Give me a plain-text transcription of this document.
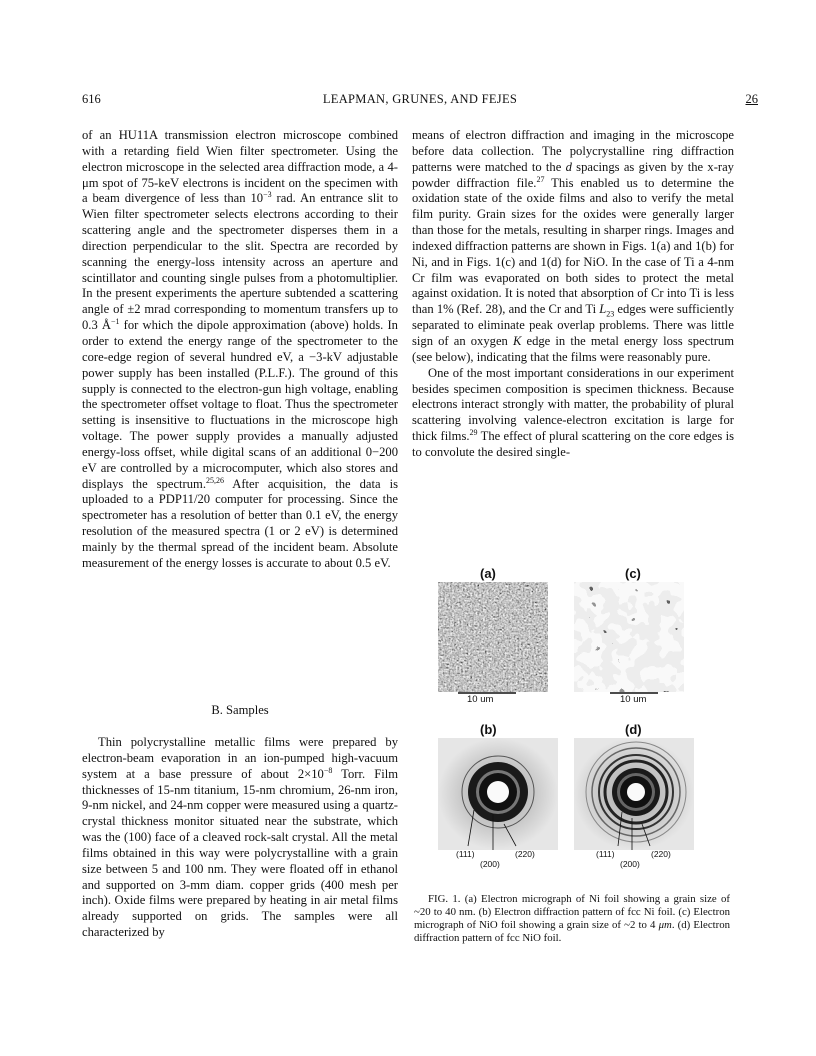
616	LEAPMAN, GRUNES, AND FEJES	26

of an HU11A transmission electron microscope combined with a retarding field Wien filter spectrometer. Using the electron microscope in the selected area diffraction mode, a 4-μm spot of 75-keV electrons is incident on the specimen with a beam divergence of less than $10^{-3}$ rad. An entrance slit to Wien filter spectrometer selects electrons according to their scattering angle and the spectrometer disperses them in a direction perpendicular to the slit. Spectra are recorded by scanning the energy-loss intensity across an aperture and scintillator and counting single pulses from a photomultiplier. In the present experiments the aperture subtended a scattering angle of ±2 mrad corresponding to momentum transfers up to 0.3 $Å^{-1}$ for which the dipole approximation (above) holds. In order to extend the energy range of the spectrometer to the core-edge region of several hundred eV, a −3-kV adjustable power supply has been installed (P.L.F.). The ground of this supply is connected to the electron-gun high voltage, enabling the spectrometer offset voltage to float. Thus the spectrometer setting is insensitive to fluctuations in the microscope high voltage. The power supply provides a manually adjusted energy-loss offset, while digital scans of an additional 0−200 eV are controlled by a microcomputer, which also stores and displays the spectrum.$^{25,26}$ After acquisition, the data is uploaded to a PDP11/20 computer for processing. Since the spectrometer has a resolution of better than 0.1 eV, the energy resolution of the measured spectra (1 or 2 eV) is determined mainly by the thermal spread of the incident beam. Absolute measurement of the energy losses is accurate to about 0.5 eV.

B. Samples

Thin polycrystalline metallic films were prepared by electron-beam evaporation in an ion-pumped high-vacuum system at a base pressure of about $2\times 10^{-8}$ Torr. Film thicknesses of 15-nm titanium, 15-nm chromium, 26-nm iron, 9-nm nickel, and 24-nm copper were measured using a quartz-crystal thickness monitor situated near the substrate, which was the (100) face of a cleaved rock-salt crystal. All the metal films obtained in this way were polycrystalline with a grain size between 5 and 100 nm. They were floated off in ethanol and supported on 3-mm diam. copper grids (400 mesh per inch). Oxide films were prepared by heating in air metal films already supported on grids. The samples were all characterized by

means of electron diffraction and imaging in the microscope before data collection. The polycrystalline ring diffraction patterns were matched to the d spacings as given by the x-ray powder diffraction file.$^{27}$ This enabled us to determine the oxidation state of the oxide films and also to verify the metal film purity. Grain sizes for the oxides were generally larger than those for the metals, resulting in sharper rings. Images and indexed diffraction patterns are shown in Figs. 1(a) and 1(b) for Ni, and in Figs. 1(c) and 1(d) for NiO. In the case of Ti a 4-nm Cr film was evaporated on both sides to protect the metal against oxidation. It is noted that absorption of Cr into Ti is less than 1% (Ref. 28), and the Cr and Ti $L_{23}$ edges were sufficiently separated to eliminate peak overlap problems. There was little sign of an oxygen K edge in the metal energy loss spectrum (see below), indicating that the films were reasonably pure.

One of the most important considerations in our experiment besides specimen composition is specimen thickness. Because electrons interact strongly with matter, the probability of plural scattering involving valence-electron excitation is large for thick films.$^{29}$ The effect of plural scattering on the core edges is to convolute the desired single-

(a)	(c)
10 um	10 um
(b)	(d)
(111)	(220)
(200)
(111)	(220)
(200)
FIG. 1. (a) Electron micrograph of Ni foil showing a grain size of ~20 to 40 nm. (b) Electron diffraction pattern of fcc Ni foil. (c) Electron micrograph of NiO foil showing a grain size of ~2 to 4 μm. (d) Electron diffraction pattern of fcc NiO foil.
